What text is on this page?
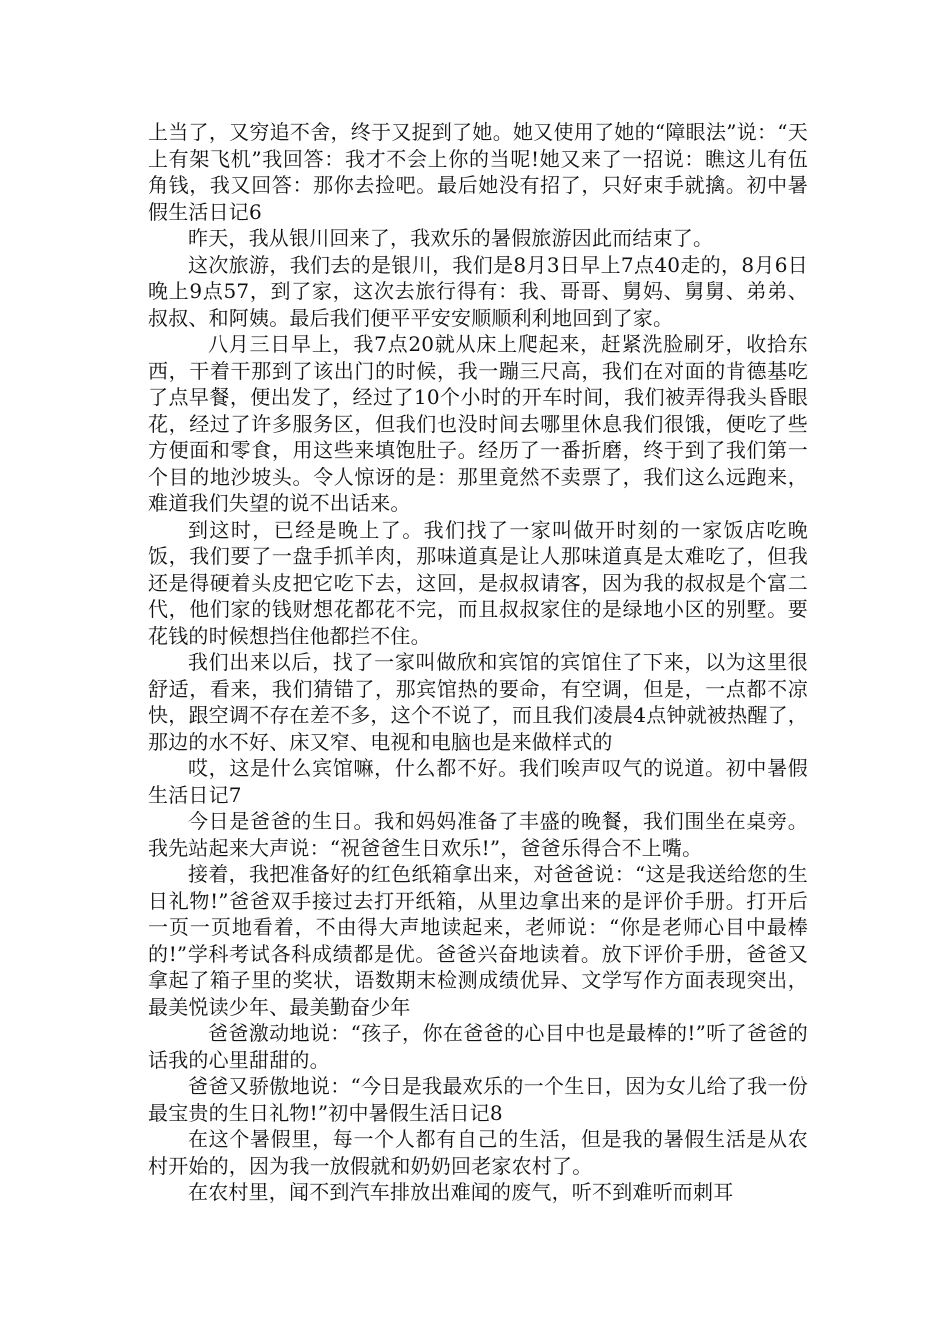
上当了，又穷追不舍，终于又捉到了她。她又使用了她的“障眼法”说：“天上有架飞机”我回答：我才不会上你的当呢!她又来了一招说：瞧这儿有伍角钱，我又回答：那你去捡吧。最后她没有招了，只好束手就擒。初中暑假生活日记6

昨天，我从银川回来了，我欢乐的暑假旅游因此而结束了。

这次旅游，我们去的是银川，我们是8月3日早上7点40走的，8月6日晚上9点57，到了家，这次去旅行得有：我、哥哥、舅妈、舅舅、弟弟、叔叔、和阿姨。最后我们便平平安安顺顺利利地回到了家。

八月三日早上，我7点20就从床上爬起来，赶紧洗脸刷牙，收拾东西，干着干那到了该出门的时候，我一蹦三尺高，我们在对面的肯德基吃了点早餐，便出发了，经过了10个小时的开车时间，我们被弄得我头昏眼花，经过了许多服务区，但我们也没时间去哪里休息我们很饿，便吃了些方便面和零食，用这些来填饱肚子。经历了一番折磨，终于到了我们第一个目的地沙坡头。令人惊讶的是：那里竟然不卖票了，我们这么远跑来，难道我们失望的说不出话来。

到这时，已经是晚上了。我们找了一家叫做开时刻的一家饭店吃晚饭，我们要了一盘手抓羊肉，那味道真是让人那味道真是太难吃了，但我还是得硬着头皮把它吃下去，这回，是叔叔请客，因为我的叔叔是个富二代，他们家的钱财想花都花不完，而且叔叔家住的是绿地小区的别墅。要花钱的时候想挡住他都拦不住。

我们出来以后，找了一家叫做欣和宾馆的宾馆住了下来，以为这里很舒适，看来，我们猜错了，那宾馆热的要命，有空调，但是，一点都不凉快，跟空调不存在差不多，这个不说了，而且我们凌晨4点钟就被热醒了，那边的水不好、床又窄、电视和电脑也是来做样式的

哎，这是什么宾馆嘛，什么都不好。我们唉声叹气的说道。初中暑假生活日记7

今日是爸爸的生日。我和妈妈准备了丰盛的晚餐，我们围坐在桌旁。我先站起来大声说：“祝爸爸生日欢乐!”，爸爸乐得合不上嘴。

接着，我把准备好的红色纸箱拿出来，对爸爸说：“这是我送给您的生日礼物!”爸爸双手接过去打开纸箱，从里边拿出来的是评价手册。打开后一页一页地看着，不由得大声地读起来，老师说：“你是老师心目中最棒的!”学科考试各科成绩都是优。爸爸兴奋地读着。放下评价手册，爸爸又拿起了箱子里的奖状，语数期末检测成绩优异、文学写作方面表现突出，最美悦读少年、最美勤奋少年

爸爸激动地说：“孩子，你在爸爸的心目中也是最棒的!”听了爸爸的话我的心里甜甜的。

爸爸又骄傲地说：“今日是我最欢乐的一个生日，因为女儿给了我一份最宝贵的生日礼物!”初中暑假生活日记8

在这个暑假里，每一个人都有自己的生活，但是我的暑假生活是从农村开始的，因为我一放假就和奶奶回老家农村了。

在农村里，闻不到汽车排放出难闻的废气，听不到难听而刺耳
